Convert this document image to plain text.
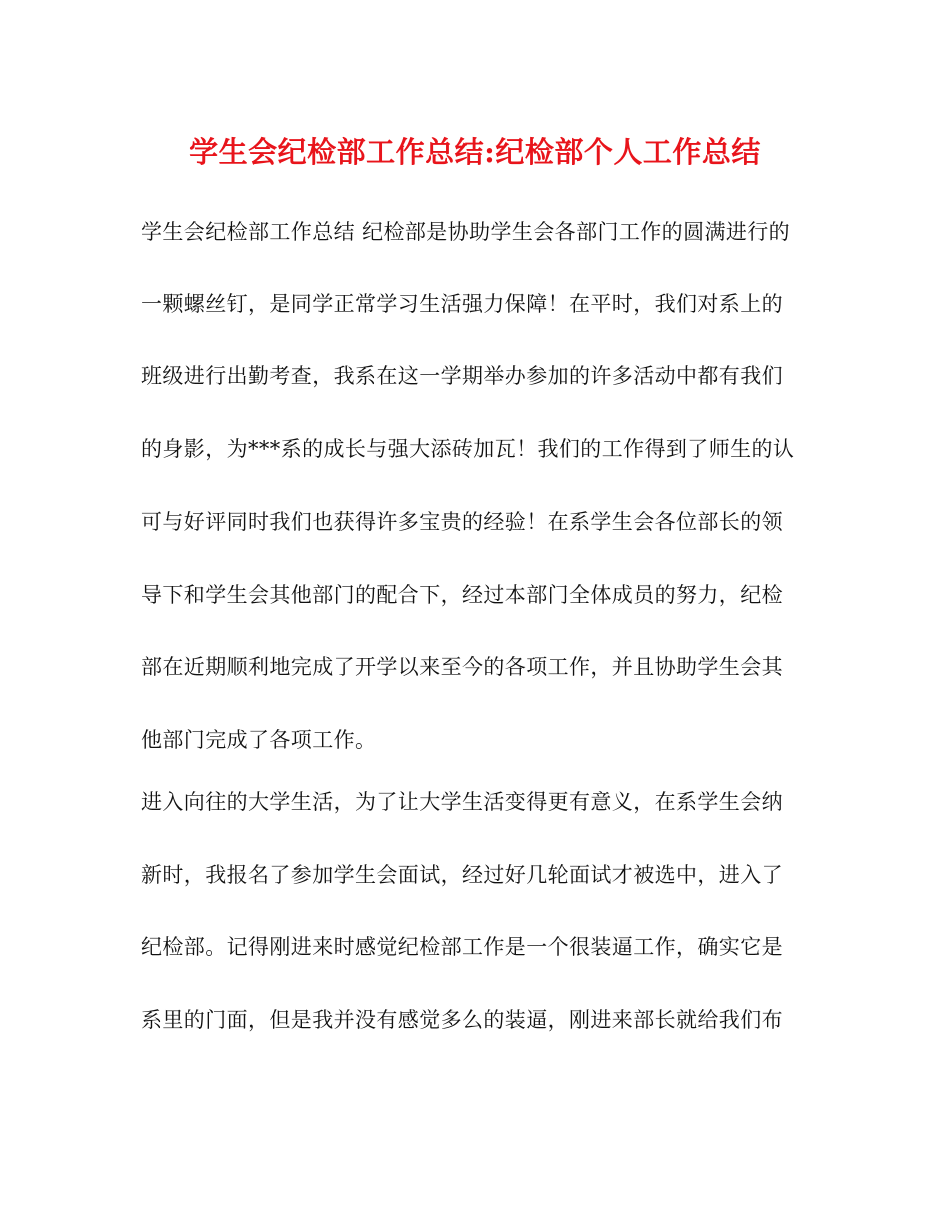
学生会纪检部工作总结:纪检部个人工作总结
学生会纪检部工作总结 纪检部是协助学生会各部门工作的圆满进行的
一颗螺丝钉，是同学正常学习生活强力保障！在平时，我们对系上的
班级进行出勤考查，我系在这一学期举办参加的许多活动中都有我们
的身影，为***系的成长与强大添砖加瓦！我们的工作得到了师生的认
可与好评同时我们也获得许多宝贵的经验！在系学生会各位部长的领
导下和学生会其他部门的配合下，经过本部门全体成员的努力，纪检
部在近期顺利地完成了开学以来至今的各项工作，并且协助学生会其
他部门完成了各项工作。
进入向往的大学生活，为了让大学生活变得更有意义，在系学生会纳
新时，我报名了参加学生会面试，经过好几轮面试才被选中，进入了
纪检部。记得刚进来时感觉纪检部工作是一个很装逼工作，确实它是
系里的门面，但是我并没有感觉多么的装逼，刚进来部长就给我们布
